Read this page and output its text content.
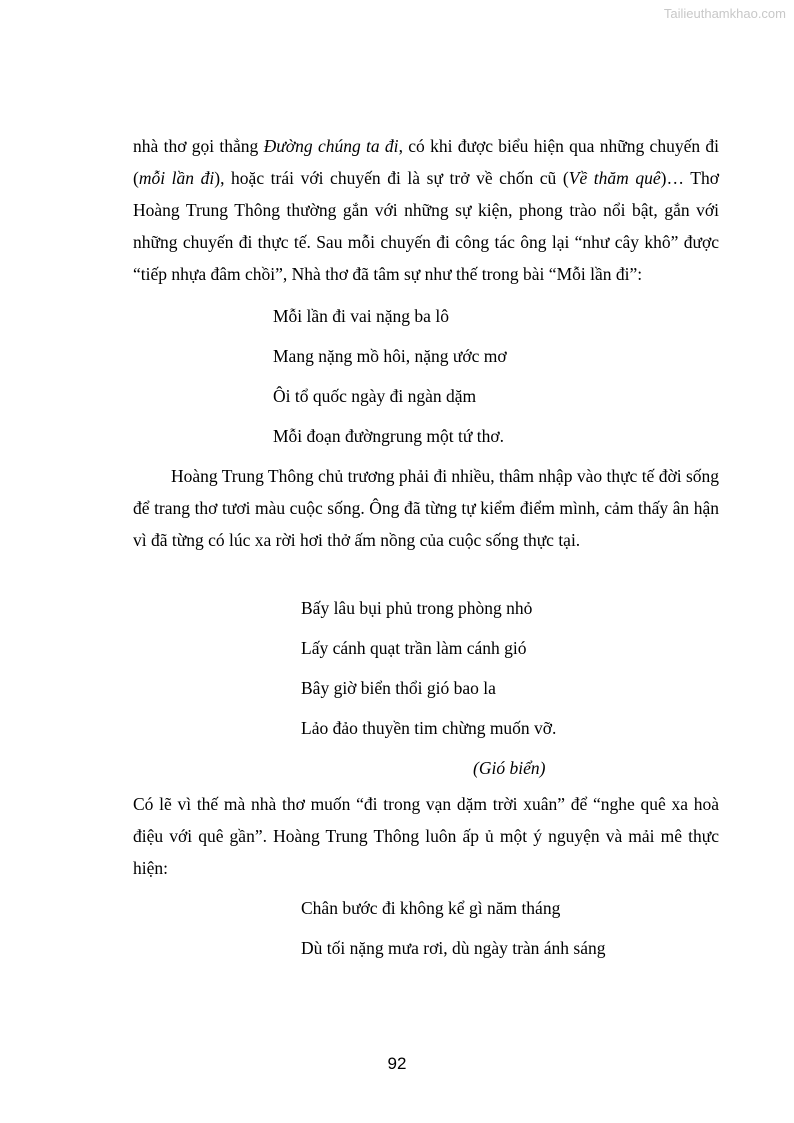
Tailieuthamkhao.com

nhà thơ gọi thẳng Đường chúng ta đi, có khi được biểu hiện qua những chuyến đi (mỗi lần đi), hoặc trái với chuyến đi là sự trở về chốn cũ (Về thăm quê)… Thơ Hoàng Trung Thông thường gắn với những sự kiện, phong trào nổi bật, gắn với những chuyến đi thực tế. Sau mỗi chuyến đi công tác ông lại “như cây khô” được “tiếp nhựa đâm chồi”, Nhà thơ đã tâm sự như thế trong bài “Mỗi lần đi”:

Mỗi lần đi vai nặng ba lô

Mang nặng mồ hôi, nặng ước mơ

Ôi tổ quốc ngày đi ngàn dặm

Mỗi đoạn đườngrung một tứ thơ.

Hoàng Trung Thông chủ trương phải đi nhiều, thâm nhập vào thực tế đời sống để trang thơ tươi màu cuộc sống. Ông đã từng tự kiểm điểm mình, cảm thấy ân hận vì đã từng có lúc xa rời hơi thở ấm nồng của cuộc sống thực tại.

Bấy lâu bụi phủ trong phòng nhỏ

Lấy cánh quạt trần làm cánh gió

Bây giờ biển thổi gió bao la

Lảo đảo thuyền tim chừng muốn vỡ.

(Gió biển)

Có lẽ vì thế mà nhà thơ muốn “đi trong vạn dặm trời xuân” để “nghe quê xa hoà điệu với quê gần”. Hoàng Trung Thông luôn ấp ủ một ý nguyện và mải mê thực hiện:

Chân bước đi không kể gì năm tháng

Dù tối nặng mưa rơi, dù ngày tràn ánh sáng

92
